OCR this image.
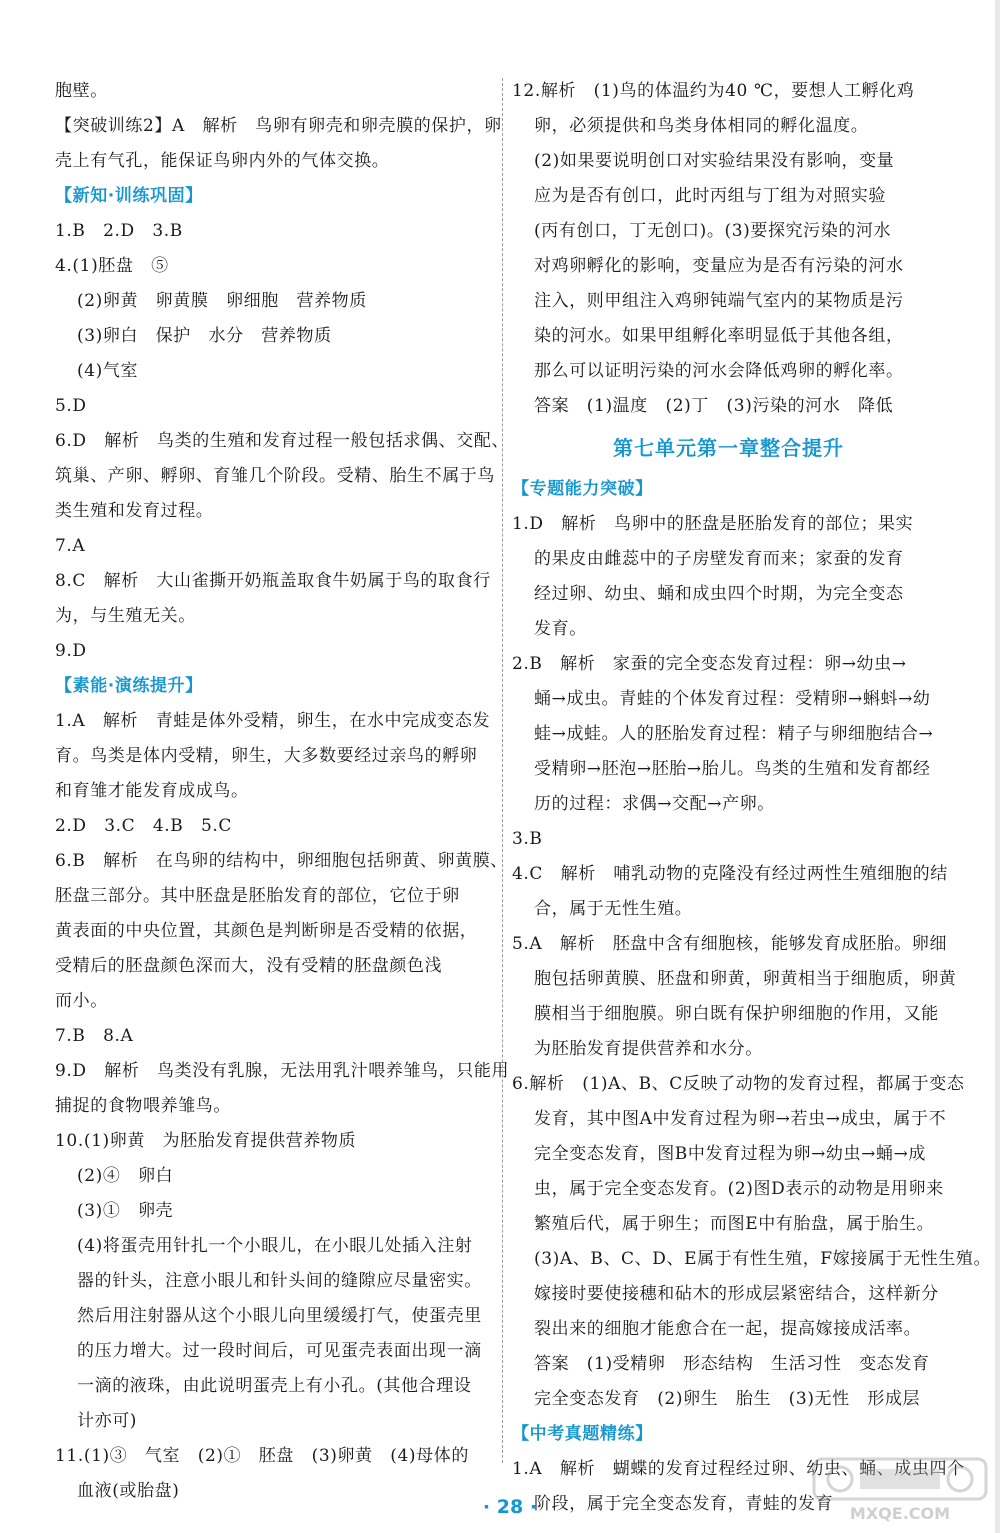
胞壁。
【突破训练2】A　解析　鸟卵有卵壳和卵壳膜的保护，卵
壳上有气孔，能保证鸟卵内外的气体交换。
【新知·训练巩固】
1.B　2.D　3.B
4.(1)胚盘　⑤
(2)卵黄　卵黄膜　卵细胞　营养物质
(3)卵白　保护　水分　营养物质
(4)气室
5.D
6.D　解析　鸟类的生殖和发育过程一般包括求偶、交配、
筑巢、产卵、孵卵、育雏几个阶段。受精、胎生不属于鸟
类生殖和发育过程。
7.A
8.C　解析　大山雀撕开奶瓶盖取食牛奶属于鸟的取食行
为，与生殖无关。
9.D
【素能·演练提升】
1.A　解析　青蛙是体外受精，卵生，在水中完成变态发
育。鸟类是体内受精，卵生，大多数要经过亲鸟的孵卵
和育雏才能发育成成鸟。
2.D　3.C　4.B　5.C
6.B　解析　在鸟卵的结构中，卵细胞包括卵黄、卵黄膜、
胚盘三部分。其中胚盘是胚胎发育的部位，它位于卵
黄表面的中央位置，其颜色是判断卵是否受精的依据，
受精后的胚盘颜色深而大，没有受精的胚盘颜色浅
而小。
7.B　8.A
9.D　解析　鸟类没有乳腺，无法用乳汁喂养雏鸟，只能用
捕捉的食物喂养雏鸟。
10.(1)卵黄　为胚胎发育提供营养物质
(2)④　卵白
(3)①　卵壳
(4)将蛋壳用针扎一个小眼儿，在小眼儿处插入注射
器的针头，注意小眼儿和针头间的缝隙应尽量密实。
然后用注射器从这个小眼儿向里缓缓打气，使蛋壳里
的压力增大。过一段时间后，可见蛋壳表面出现一滴
一滴的液珠，由此说明蛋壳上有小孔。(其他合理设
计亦可)
11.(1)③　气室　(2)①　胚盘　(3)卵黄　(4)母体的
血液(或胎盘)
12.解析　(1)鸟的体温约为40 ℃，要想人工孵化鸡
卵，必须提供和鸟类身体相同的孵化温度。
(2)如果要说明创口对实验结果没有影响，变量
应为是否有创口，此时丙组与丁组为对照实验
(丙有创口，丁无创口)。(3)要探究污染的河水
对鸡卵孵化的影响，变量应为是否有污染的河水
注入，则甲组注入鸡卵钝端气室内的某物质是污
染的河水。如果甲组孵化率明显低于其他各组，
那么可以证明污染的河水会降低鸡卵的孵化率。
答案　(1)温度　(2)丁　(3)污染的河水　降低
第七单元第一章整合提升
【专题能力突破】
1.D　解析　鸟卵中的胚盘是胚胎发育的部位；果实
的果皮由雌蕊中的子房壁发育而来；家蚕的发育
经过卵、幼虫、蛹和成虫四个时期，为完全变态
发育。
2.B　解析　家蚕的完全变态发育过程：卵→幼虫→
蛹→成虫。青蛙的个体发育过程：受精卵→蝌蚪→幼
蛙→成蛙。人的胚胎发育过程：精子与卵细胞结合→
受精卵→胚泡→胚胎→胎儿。鸟类的生殖和发育都经
历的过程：求偶→交配→产卵。
3.B
4.C　解析　哺乳动物的克隆没有经过两性生殖细胞的结
合，属于无性生殖。
5.A　解析　胚盘中含有细胞核，能够发育成胚胎。卵细
胞包括卵黄膜、胚盘和卵黄，卵黄相当于细胞质，卵黄
膜相当于细胞膜。卵白既有保护卵细胞的作用，又能
为胚胎发育提供营养和水分。
6.解析　(1)A、B、C反映了动物的发育过程，都属于变态
发育，其中图A中发育过程为卵→若虫→成虫，属于不
完全变态发育，图B中发育过程为卵→幼虫→蛹→成
虫，属于完全变态发育。(2)图D表示的动物是用卵来
繁殖后代，属于卵生；而图E中有胎盘，属于胎生。
(3)A、B、C、D、E属于有性生殖，F嫁接属于无性生殖。
嫁接时要使接穗和砧木的形成层紧密结合，这样新分
裂出来的细胞才能愈合在一起，提高嫁接成活率。
答案　(1)受精卵　形态结构　生活习性　变态发育
完全变态发育　(2)卵生　胎生　(3)无性　形成层
【中考真题精练】
1.A　解析　蝴蝶的发育过程经过卵、幼虫、蛹、成虫四个
阶段，属于完全变态发育，青蛙的发育
· 28 ·	MXQE.COM
